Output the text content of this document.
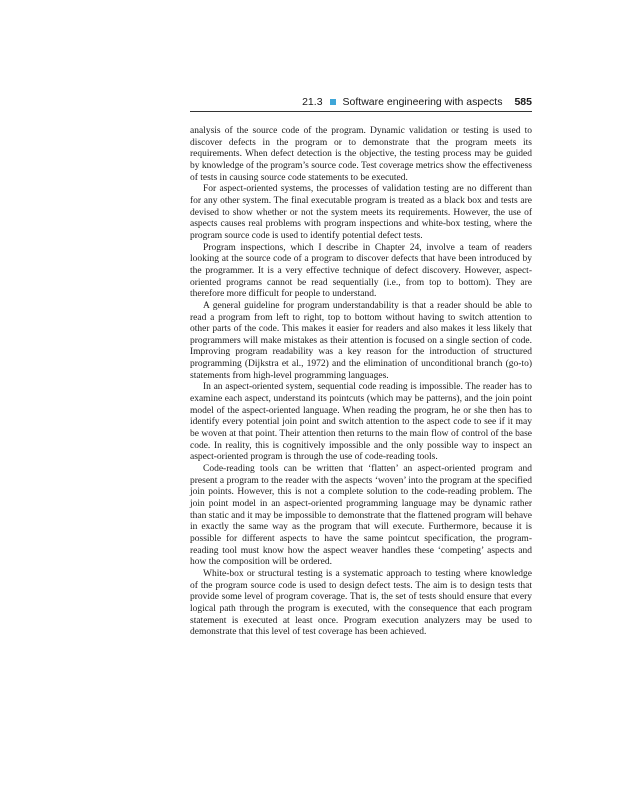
21.3 Software engineering with aspects 585

analysis of the source code of the program. Dynamic validation or testing is used to discover defects in the program or to demonstrate that the program meets its requirements. When defect detection is the objective, the testing process may be guided by knowledge of the program’s source code. Test coverage metrics show the effectiveness of tests in causing source code statements to be executed.

For aspect-oriented systems, the processes of validation testing are no different than for any other system. The final executable program is treated as a black box and tests are devised to show whether or not the system meets its requirements. However, the use of aspects causes real problems with program inspections and white-box testing, where the program source code is used to identify potential defect tests.

Program inspections, which I describe in Chapter 24, involve a team of readers looking at the source code of a program to discover defects that have been introduced by the programmer. It is a very effective technique of defect discovery. However, aspect-oriented programs cannot be read sequentially (i.e., from top to bottom). They are therefore more difficult for people to understand.

A general guideline for program understandability is that a reader should be able to read a program from left to right, top to bottom without having to switch attention to other parts of the code. This makes it easier for readers and also makes it less likely that programmers will make mistakes as their attention is focused on a single section of code. Improving program readability was a key reason for the introduction of structured programming (Dijkstra et al., 1972) and the elimination of unconditional branch (go-to) statements from high-level programming languages.

In an aspect-oriented system, sequential code reading is impossible. The reader has to examine each aspect, understand its pointcuts (which may be patterns), and the join point model of the aspect-oriented language. When reading the program, he or she then has to identify every potential join point and switch attention to the aspect code to see if it may be woven at that point. Their attention then returns to the main flow of control of the base code. In reality, this is cognitively impossible and the only possible way to inspect an aspect-oriented program is through the use of code-reading tools.

Code-reading tools can be written that ‘flatten’ an aspect-oriented program and present a program to the reader with the aspects ‘woven’ into the program at the specified join points. However, this is not a complete solution to the code-reading problem. The join point model in an aspect-oriented programming language may be dynamic rather than static and it may be impossible to demonstrate that the flattened program will behave in exactly the same way as the program that will execute. Furthermore, because it is possible for different aspects to have the same pointcut specification, the program-reading tool must know how the aspect weaver handles these ‘competing’ aspects and how the composition will be ordered.

White-box or structural testing is a systematic approach to testing where knowledge of the program source code is used to design defect tests. The aim is to design tests that provide some level of program coverage. That is, the set of tests should ensure that every logical path through the program is executed, with the consequence that each program statement is executed at least once. Program execution analyzers may be used to demonstrate that this level of test coverage has been achieved.
